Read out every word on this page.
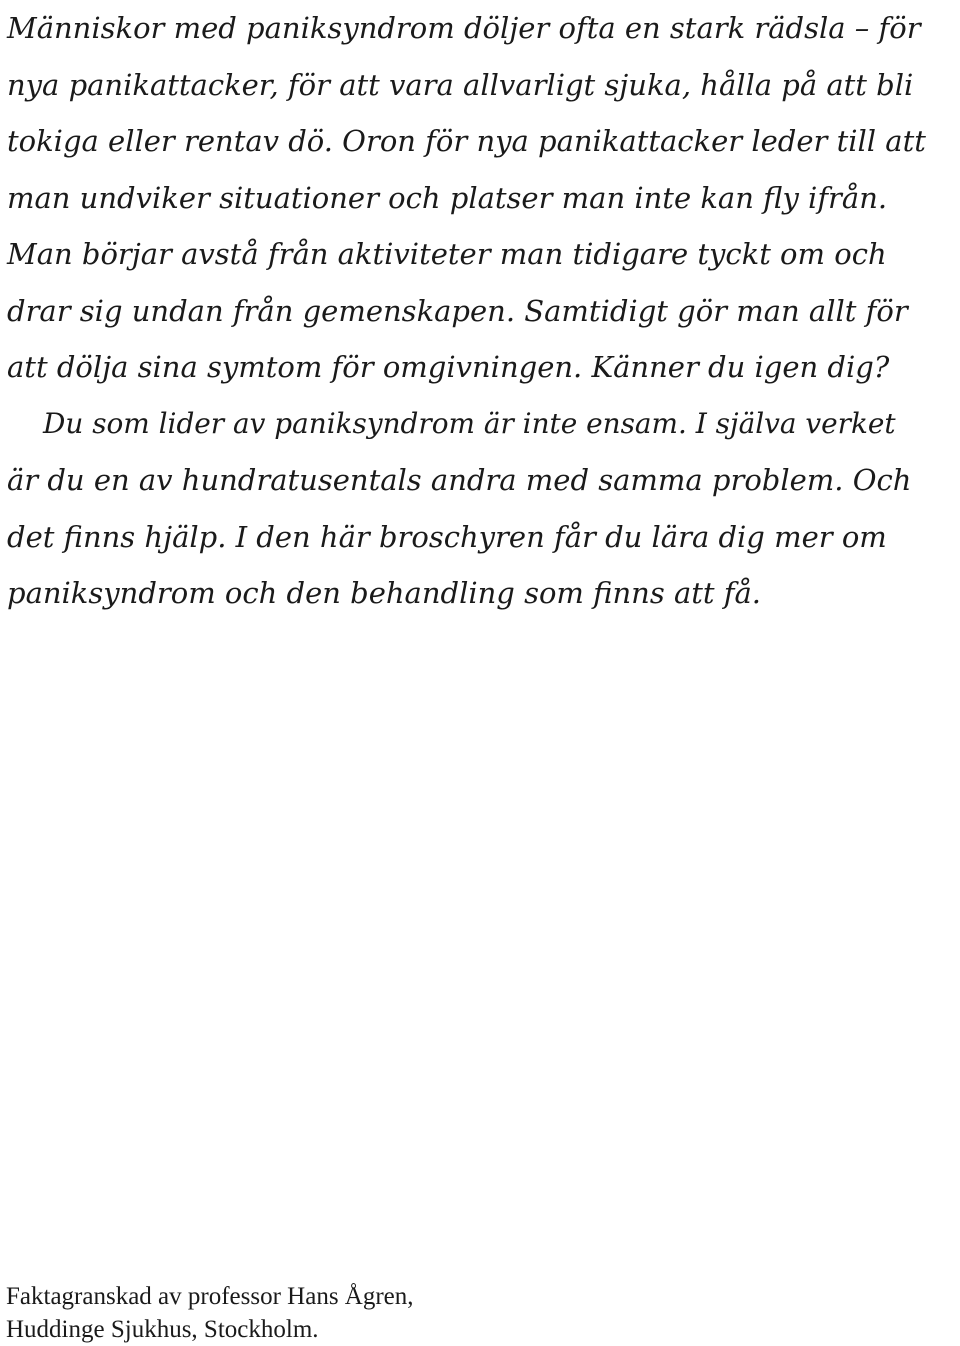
Människor med paniksyndrom döljer ofta en stark rädsla – för
nya panikattacker, för att vara allvarligt sjuka, hålla på att bli
tokiga eller rentav dö. Oron för nya panikattacker leder till att
man undviker situationer och platser man inte kan fly ifrån.
Man börjar avstå från aktiviteter man tidigare tyckt om och
drar sig undan från gemenskapen. Samtidigt gör man allt för
att dölja sina symtom för omgivningen. Känner du igen dig?
Du som lider av paniksyndrom är inte ensam. I själva verket
är du en av hundratusentals andra med samma problem. Och
det finns hjälp. I den här broschyren får du lära dig mer om
paniksyndrom och den behandling som finns att få.
Faktagranskad av professor Hans Ågren,
Huddinge Sjukhus, Stockholm.
